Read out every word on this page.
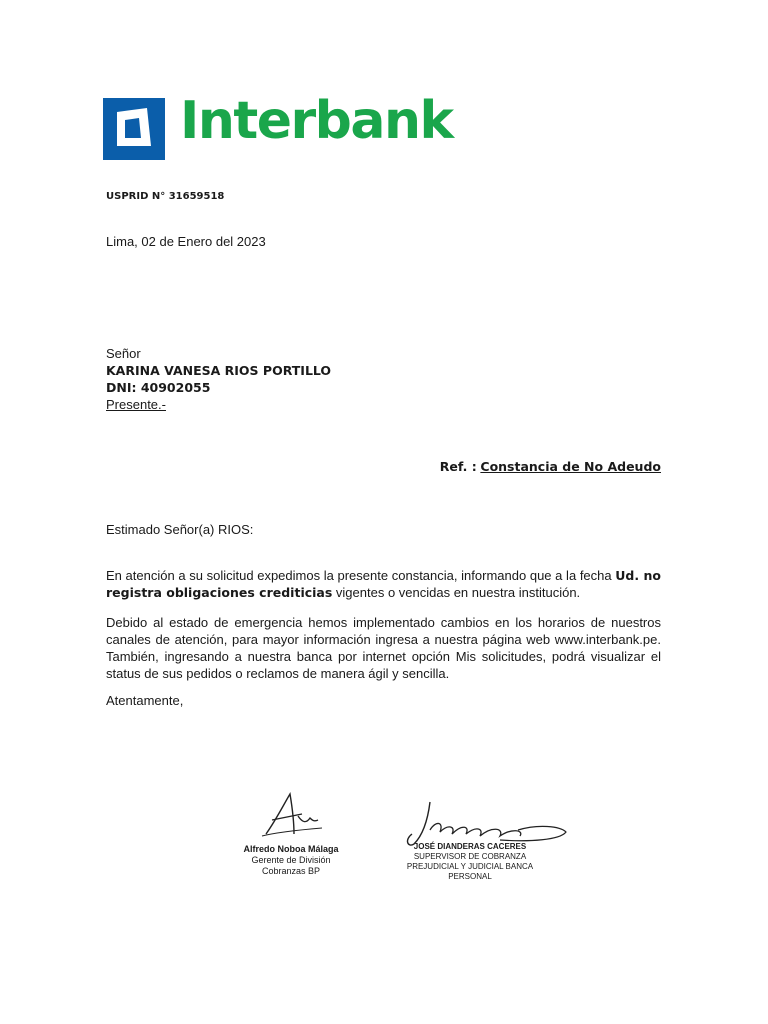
Interbank
USPRID N° 31659518
Lima, 02 de Enero del 2023
Señor
KARINA VANESA RIOS PORTILLO
DNI: 40902055
Presente.-
Ref. : Constancia de No Adeudo
Estimado Señor(a) RIOS:
En atención a su solicitud expedimos la presente constancia, informando que a la fecha Ud. no registra obligaciones crediticias vigentes o vencidas en nuestra institución.
Debido al estado de emergencia hemos implementado cambios en los horarios de nuestros canales de atención, para mayor información ingresa a nuestra página web www.interbank.pe. También, ingresando a nuestra banca por internet opción Mis solicitudes, podrá visualizar el status de sus pedidos o reclamos de manera ágil y sencilla.
Atentamente,
Alfredo Noboa Málaga
Gerente de División
Cobranzas BP
JOSÉ DIANDERAS CACERES
SUPERVISOR DE COBRANZA
PREJUDICIAL Y JUDICIAL BANCA
PERSONAL
